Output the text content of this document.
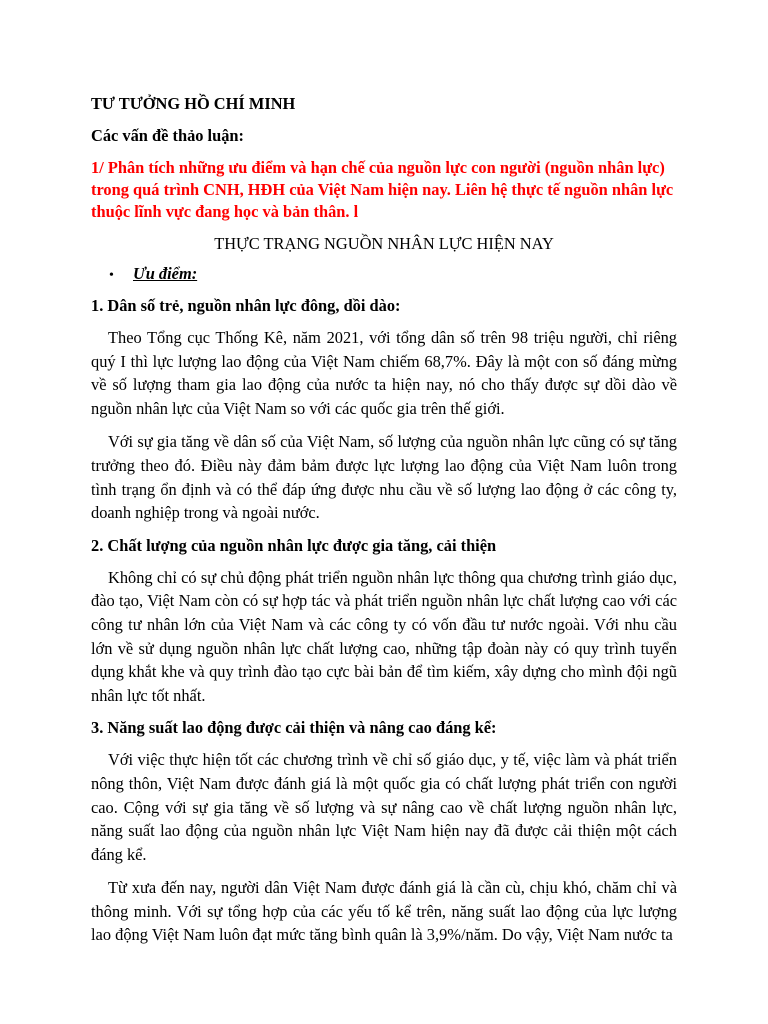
TƯ TƯỞNG HỒ CHÍ MINH
Các vấn đề thảo luận:
1/ Phân tích những ưu điểm và hạn chế của nguồn lực con người (nguồn nhân lực) trong quá trình CNH, HĐH của Việt Nam hiện nay. Liên hệ thực tế nguồn nhân lực thuộc lĩnh vực đang học và bản thân. l
THỰC TRẠNG NGUỒN NHÂN LỰC HIỆN NAY
•	Ưu điểm:
1. Dân số trẻ, nguồn nhân lực đông, dồi dào:

Theo Tổng cục Thống Kê, năm 2021, với tổng dân số trên 98 triệu người, chỉ riêng quý I thì lực lượng lao động của Việt Nam chiếm 68,7%. Đây là một con số đáng mừng về số lượng tham gia lao động của nước ta hiện nay, nó cho thấy được sự dồi dào về nguồn nhân lực của Việt Nam so với các quốc gia trên thế giới.

Với sự gia tăng về dân số của Việt Nam, số lượng của nguồn nhân lực cũng có sự tăng trưởng theo đó. Điều này đảm bảm được lực lượng lao động của Việt Nam luôn trong tình trạng ổn định và có thể đáp ứng được nhu cầu về số lượng lao động ở các công ty, doanh nghiệp trong và ngoài nước.

2. Chất lượng của nguồn nhân lực được gia tăng, cải thiện

Không chỉ có sự chủ động phát triển nguồn nhân lực thông qua chương trình giáo dục, đào tạo, Việt Nam còn có sự hợp tác và phát triển nguồn nhân lực chất lượng cao với các công tư nhân lớn của Việt Nam và các công ty có vốn đầu tư nước ngoài. Với nhu cầu lớn về sử dụng nguồn nhân lực chất lượng cao, những tập đoàn này có quy trình tuyển dụng khắt khe và quy trình đào tạo cực bài bản để tìm kiếm, xây dựng cho mình đội ngũ nhân lực tốt nhất.

3. Năng suất lao động được cải thiện và nâng cao đáng kể:

Với việc thực hiện tốt các chương trình về chỉ số giáo dục, y tế, việc làm và phát triển nông thôn, Việt Nam được đánh giá là một quốc gia có chất lượng phát triển con người cao. Cộng với sự gia tăng về số lượng và sự nâng cao về chất lượng nguồn nhân lực, năng suất lao động của nguồn nhân lực Việt Nam hiện nay đã được cải thiện một cách đáng kể.

Từ xưa đến nay, người dân Việt Nam được đánh giá là cần cù, chịu khó, chăm chỉ và thông minh. Với sự tổng hợp của các yếu tố kể trên, năng suất lao động của lực lượng lao động Việt Nam luôn đạt mức tăng bình quân là 3,9%/năm. Do vậy, Việt Nam nước ta
